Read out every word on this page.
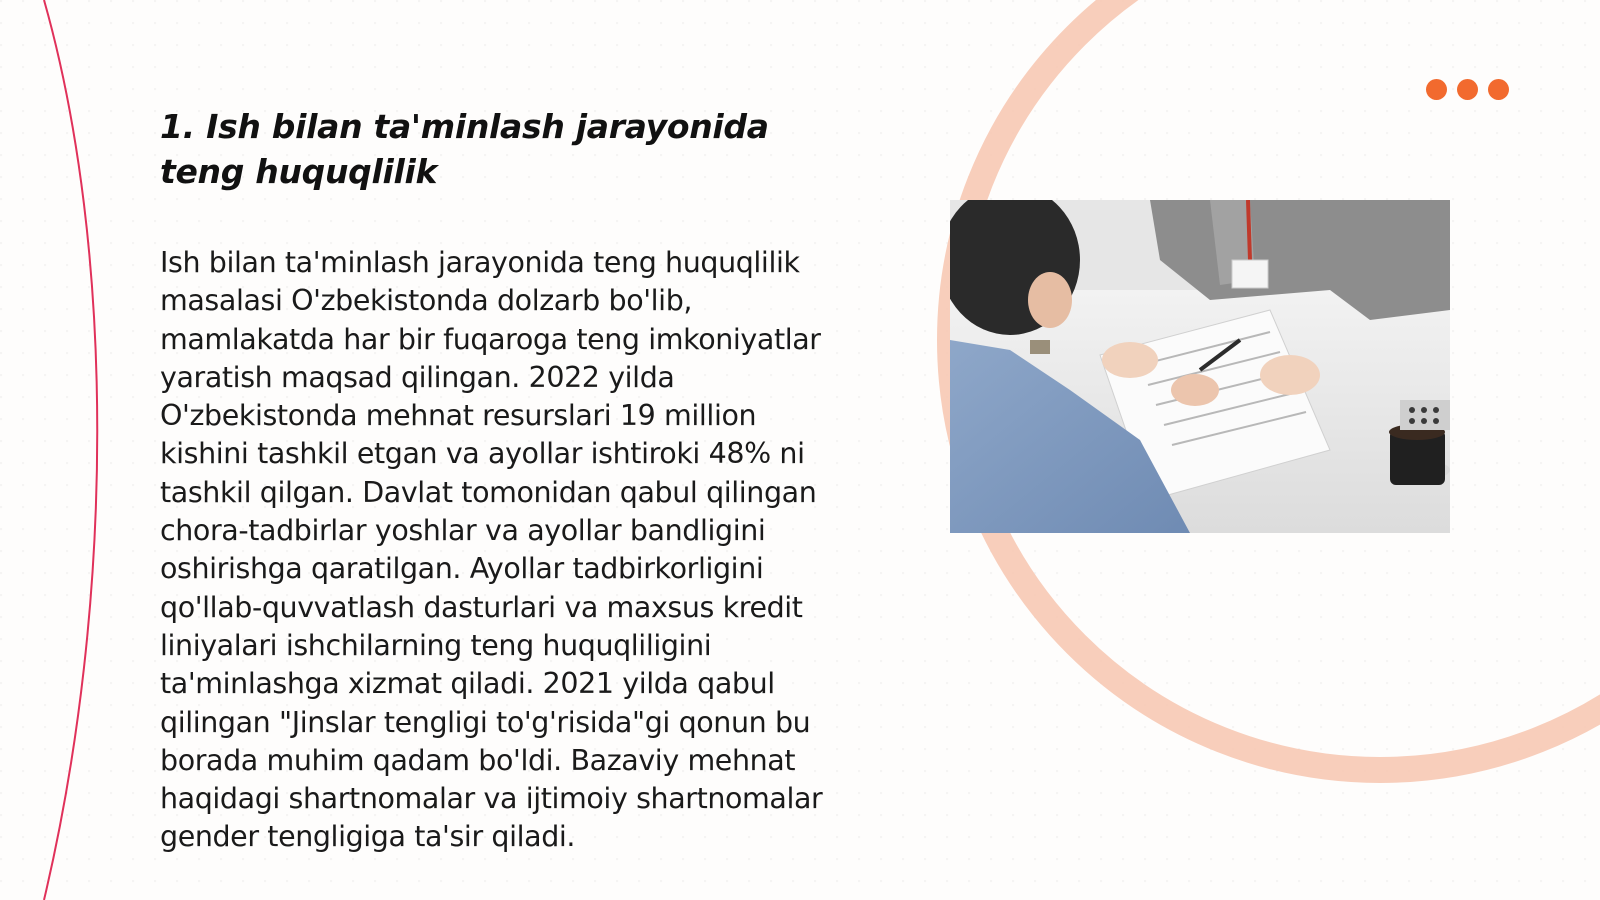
1. Ish bilan ta'minlash jarayonida teng huquqlilik

Ish bilan ta'minlash jarayonida teng huquqlilik masalasi O'zbekistonda dolzarb bo'lib, mamlakatda har bir fuqaroga teng imkoniyatlar yaratish maqsad qilingan. 2022 yilda O'zbekistonda mehnat resurslari 19 million kishini tashkil etgan va ayollar ishtiroki 48% ni tashkil qilgan. Davlat tomonidan qabul qilingan chora-tadbirlar yoshlar va ayollar bandligini oshirishga qaratilgan. Ayollar tadbirkorligini qo'llab-quvvatlash dasturlari va maxsus kredit liniyalari ishchilarning teng huquqliligini ta'minlashga xizmat qiladi. 2021 yilda qabul qilingan "Jinslar tengligi to'g'risida"gi qonun bu borada muhim qadam bo'ldi. Bazaviy mehnat haqidagi shartnomalar va ijtimoiy shartnomalar gender tengligiga ta'sir qiladi.
